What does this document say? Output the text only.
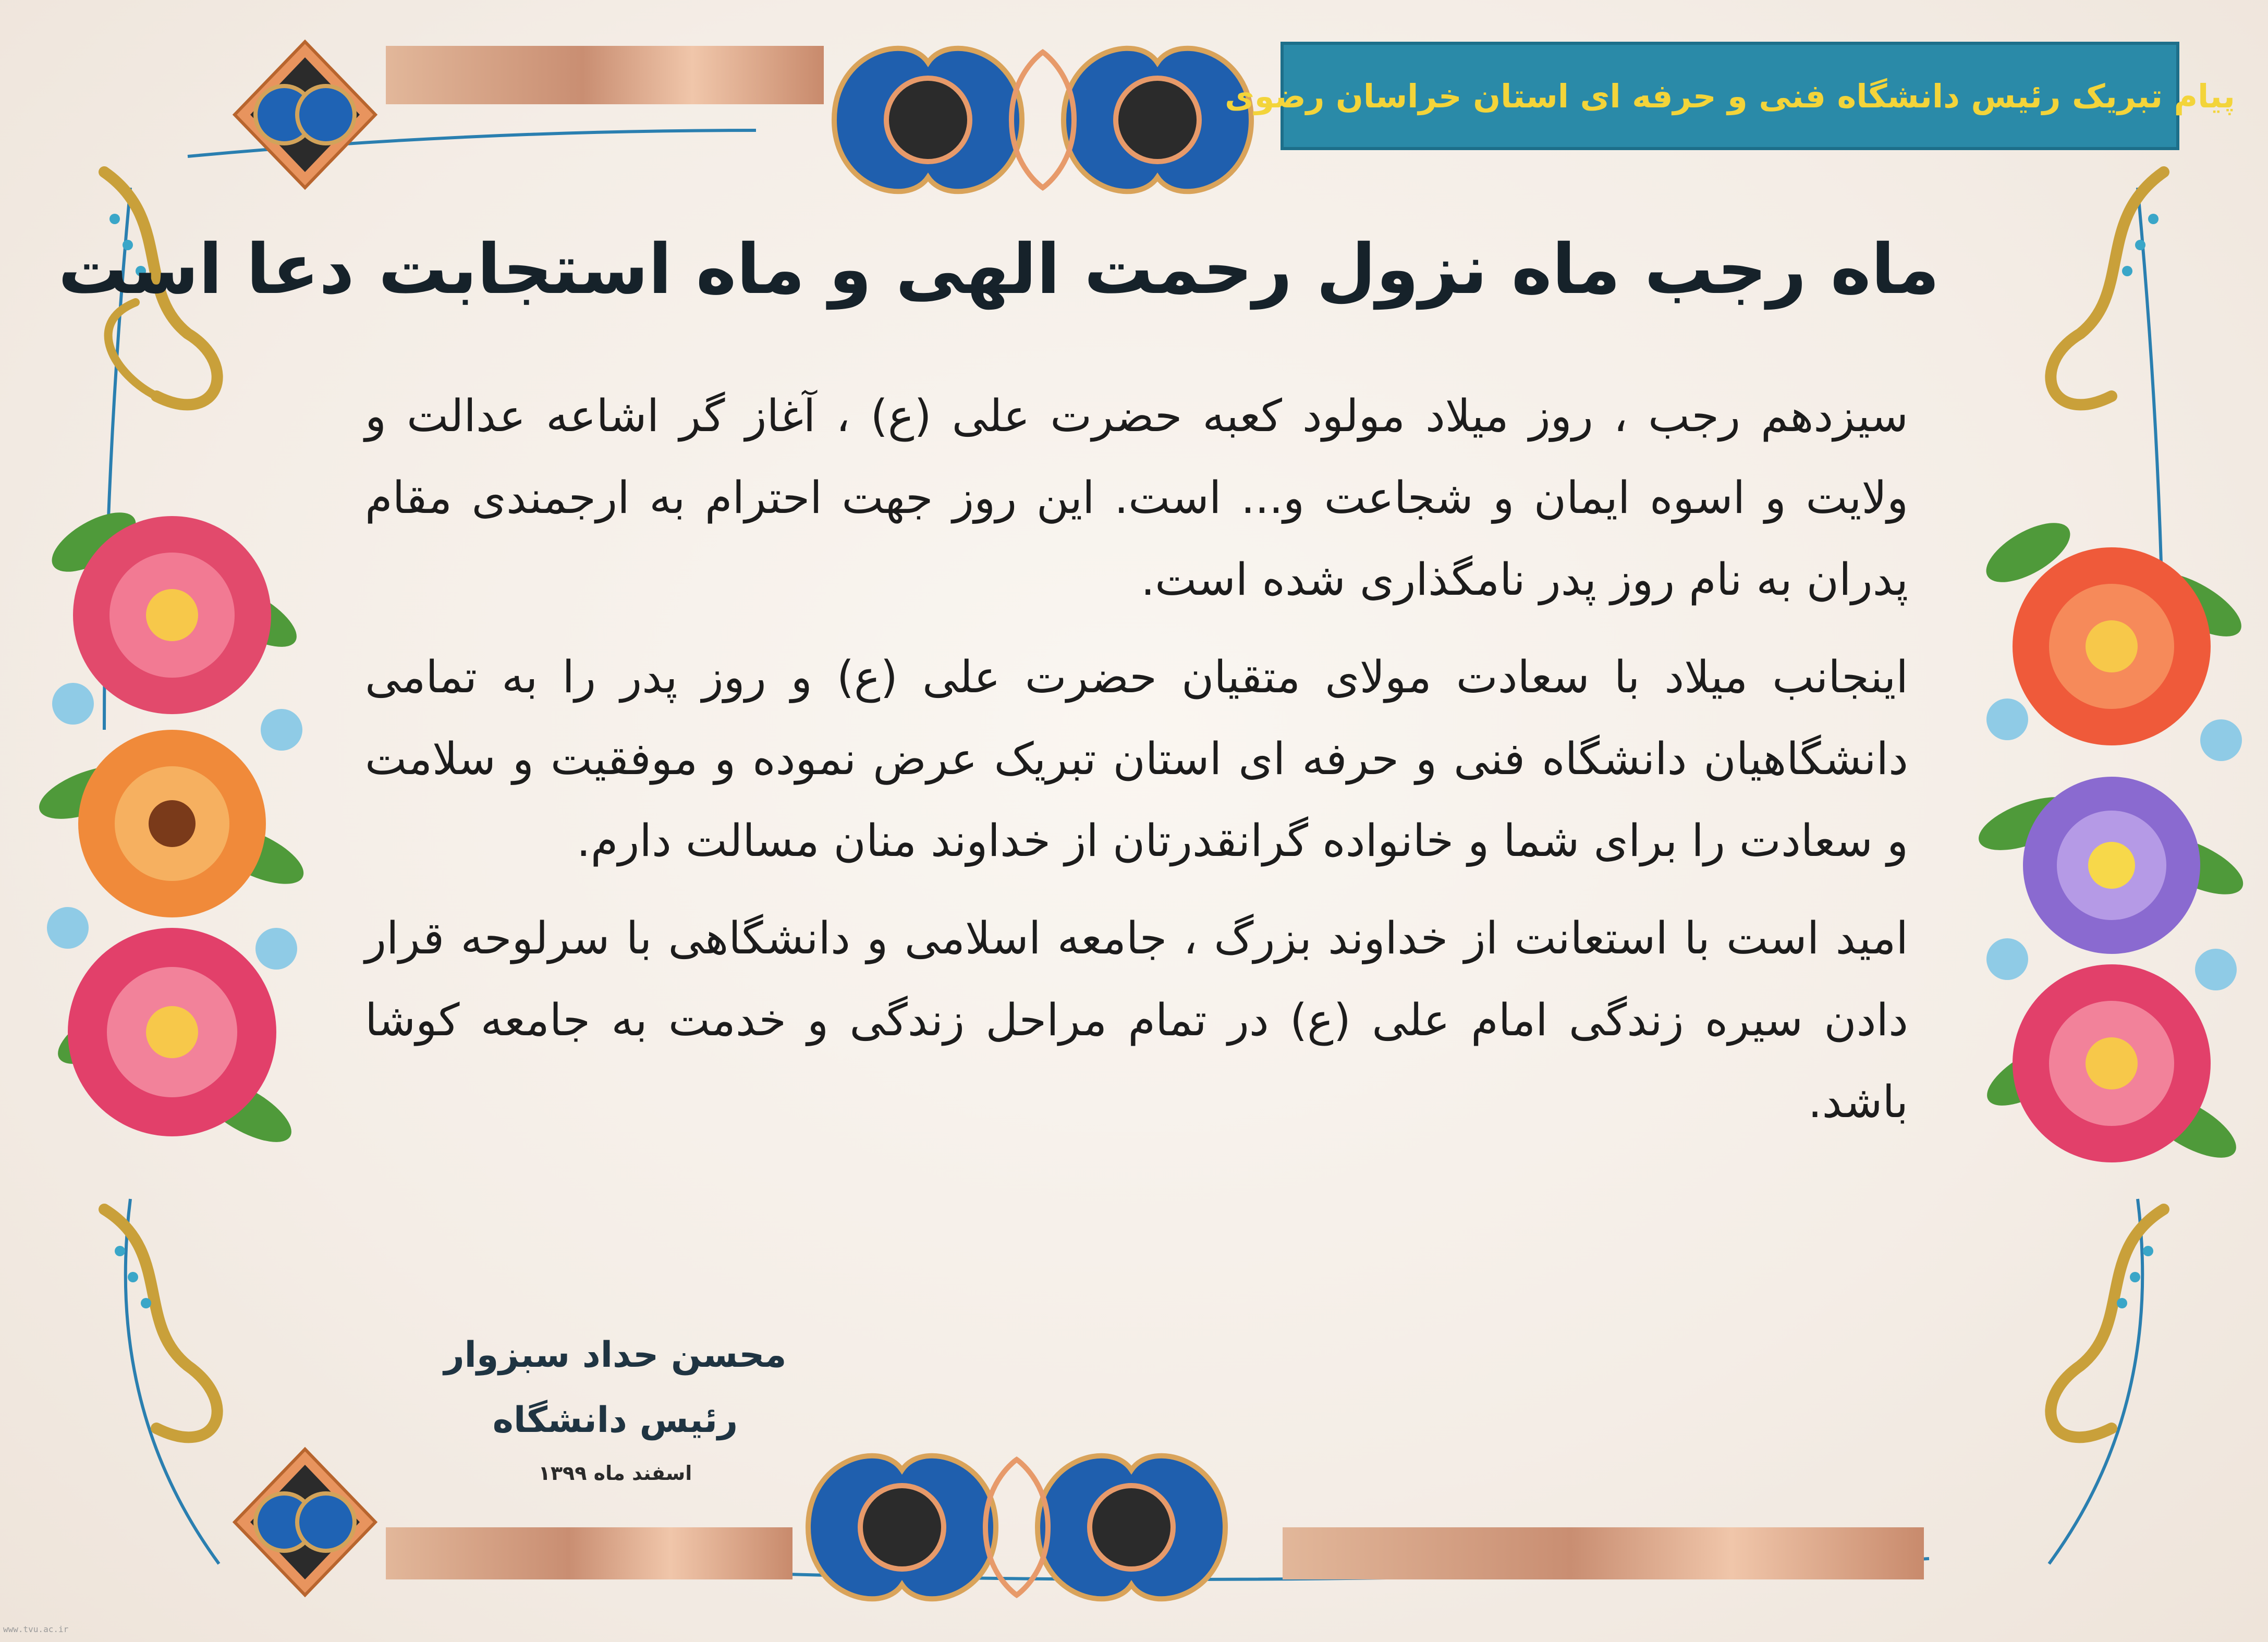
پیام تبریک رئیس دانشگاه فنی و حرفه ای استان خراسان رضوی
ماه رجب ماه نزول رحمت الهی و ماه استجابت دعا است

سیزدهم رجب ، روز میلاد مولود کعبه حضرت علی (ع) ، آغاز گر اشاعه عدالت و ولایت و اسوه ایمان و شجاعت و... است. این روز جهت احترام به ارجمندی مقام پدران به نام روز پدر نامگذاری شده است.

اینجانب میلاد با سعادت مولای متقیان حضرت علی (ع) و روز پدر را به تمامی دانشگاهیان دانشگاه فنی و حرفه ای استان تبریک عرض نموده و موفقیت و سلامت و سعادت را برای شما و خانواده گرانقدرتان از خداوند منان مسالت دارم.

امید است با استعانت از خداوند بزرگ ، جامعه اسلامی و دانشگاهی با سرلوحه قرار دادن سیره زندگی امام علی (ع) در تمام مراحل زندگی و خدمت به جامعه کوشا باشد.

محسن حداد سبزوار
رئیس دانشگاه
اسفند ماه ۱۳۹۹
www.tvu.ac.ir
